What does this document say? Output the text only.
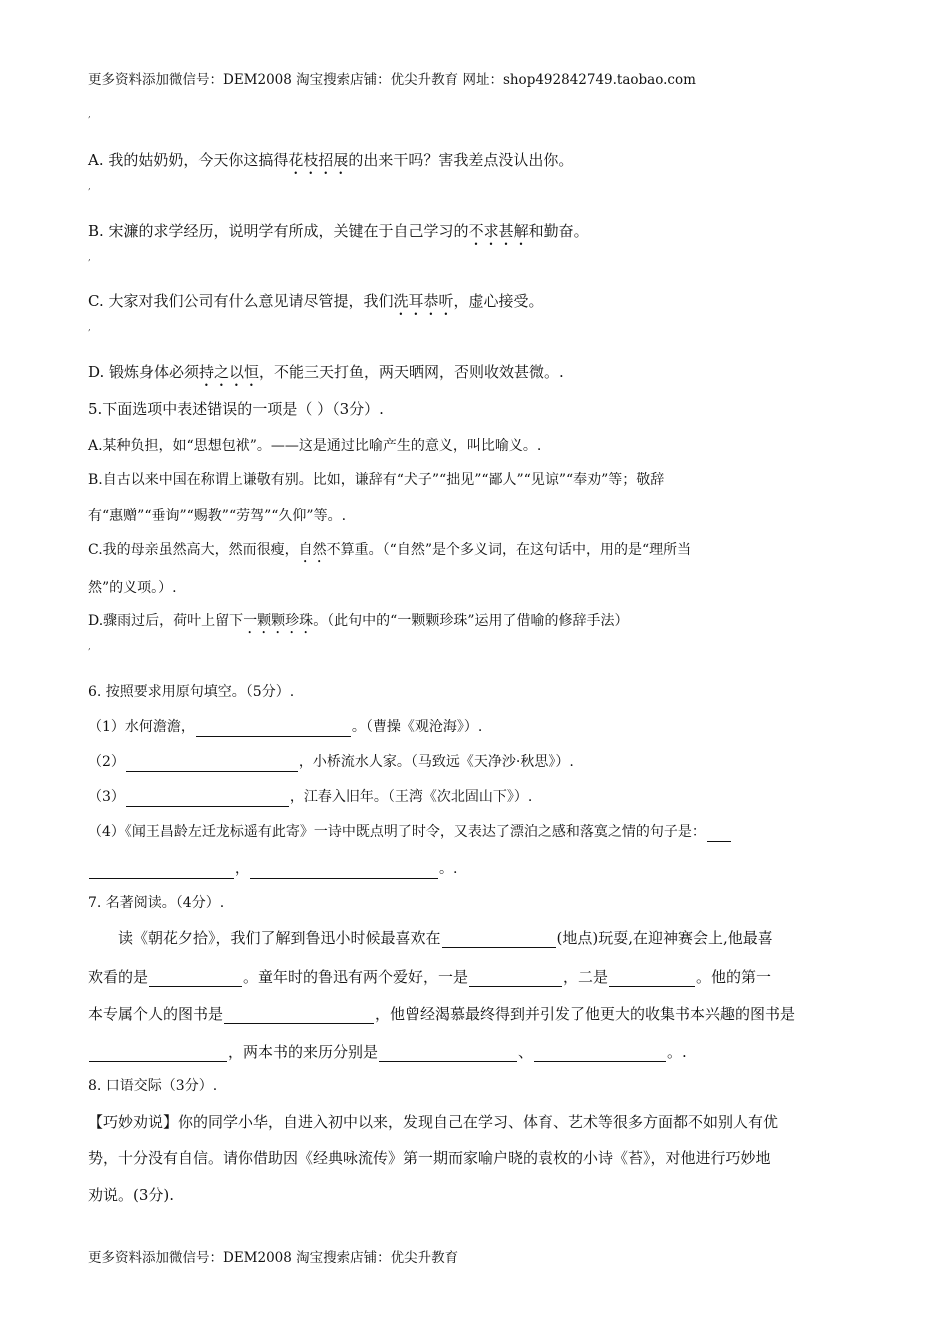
更多资料添加微信号：DEM2008 淘宝搜索店铺：优尖升教育 网址：shop492842749.taobao.com
,
A. 我的姑奶奶，今天你这搞得花枝招展的出来干吗？害我差点没认出你。
,
B. 宋濂的求学经历，说明学有所成，关键在于自己学习的不求甚解和勤奋。
,
C. 大家对我们公司有什么意见请尽管提，我们洗耳恭听，虚心接受。
,
D. 锻炼身体必须持之以恒，不能三天打鱼，两天晒网，否则收效甚微。.
5.下面选项中表述错误的一项是（ ）（3分）.
A.某种负担，如“思想包袱”。——这是通过比喻产生的意义，叫比喻义。.
B.自古以来中国在称谓上谦敬有别。比如，谦辞有“犬子”“拙见”“鄙人”“见谅”“奉劝”等；敬辞
有“惠赠”“垂询”“赐教”“劳驾”“久仰”等。.
C.我的母亲虽然高大，然而很瘦，自然不算重。（“自然”是个多义词，在这句话中，用的是“理所当
然”的义项。）.
D.骤雨过后，荷叶上留下一颗颗珍珠。（此句中的“一颗颗珍珠”运用了借喻的修辞手法）
,
6. 按照要求用原句填空。（5分）.
（1）水何澹澹，	。（曹操《观沧海》）.
（2）	，小桥流水人家。（马致远《天净沙·秋思》）.
（3）	，江春入旧年。（王湾《次北固山下》）.
（4）《闻王昌龄左迁龙标遥有此寄》一诗中既点明了时令，又表达了漂泊之感和落寞之情的句子是：
，	。.
7. 名著阅读。（4分）.
读《朝花夕拾》，我们了解到鲁迅小时候最喜欢在	(地点)玩耍,在迎神赛会上,他最喜
欢看的是	。童年时的鲁迅有两个爱好，一是	，二是	。他的第一
本专属个人的图书是	，他曾经渴慕最终得到并引发了他更大的收集书本兴趣的图书是
，两本书的来历分别是	、	。.
8. 口语交际（3分）.
【巧妙劝说】你的同学小华，自进入初中以来，发现自己在学习、体育、艺术等很多方面都不如别人有优
势，十分没有自信。请你借助因《经典咏流传》第一期而家喻户晓的袁枚的小诗《苔》，对他进行巧妙地
劝说。(3分).
更多资料添加微信号：DEM2008 淘宝搜索店铺：优尖升教育
